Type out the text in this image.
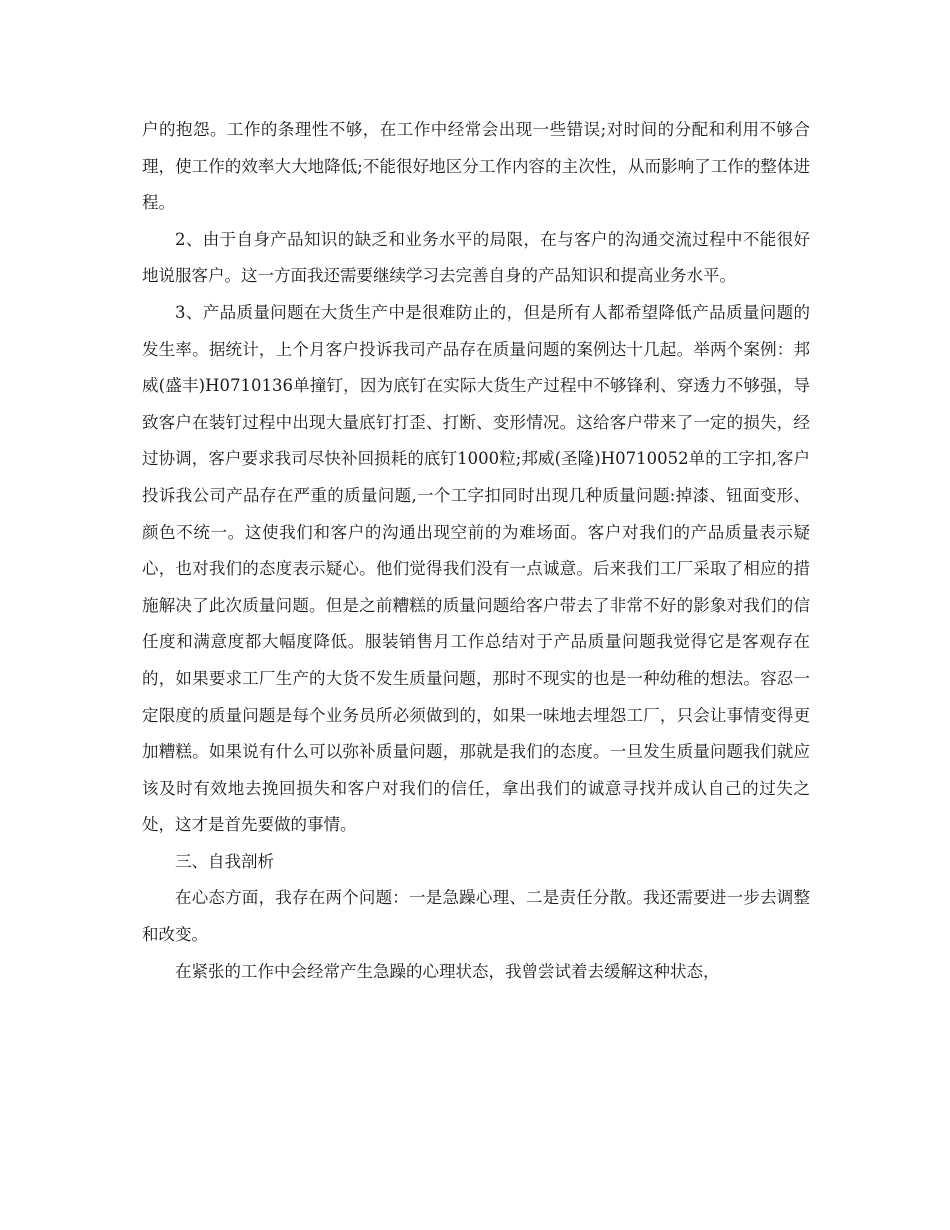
户的抱怨。工作的条理性不够，在工作中经常会出现一些错误;对时间的分配和利用不够合理，使工作的效率大大地降低;不能很好地区分工作内容的主次性，从而影响了工作的整体进程。

2、由于自身产品知识的缺乏和业务水平的局限，在与客户的沟通交流过程中不能很好地说服客户。这一方面我还需要继续学习去完善自身的产品知识和提高业务水平。

3、产品质量问题在大货生产中是很难防止的，但是所有人都希望降低产品质量问题的发生率。据统计，上个月客户投诉我司产品存在质量问题的案例达十几起。举两个案例：邦威(盛丰)H0710136单撞钉，因为底钉在实际大货生产过程中不够锋利、穿透力不够强，导致客户在装钉过程中出现大量底钉打歪、打断、变形情况。这给客户带来了一定的损失，经过协调，客户要求我司尽快补回损耗的底钉1000粒;邦威(圣隆)H0710052单的工字扣,客户投诉我公司产品存在严重的质量问题,一个工字扣同时出现几种质量问题:掉漆、钮面变形、颜色不统一。这使我们和客户的沟通出现空前的为难场面。客户对我们的产品质量表示疑心，也对我们的态度表示疑心。他们觉得我们没有一点诚意。后来我们工厂采取了相应的措施解决了此次质量问题。但是之前糟糕的质量问题给客户带去了非常不好的影象对我们的信任度和满意度都大幅度降低。服装销售月工作总结对于产品质量问题我觉得它是客观存在的，如果要求工厂生产的大货不发生质量问题，那时不现实的也是一种幼稚的想法。容忍一定限度的质量问题是每个业务员所必须做到的，如果一味地去埋怨工厂，只会让事情变得更加糟糕。如果说有什么可以弥补质量问题，那就是我们的态度。一旦发生质量问题我们就应该及时有效地去挽回损失和客户对我们的信任，拿出我们的诚意寻找并成认自己的过失之处，这才是首先要做的事情。

三、自我剖析

在心态方面，我存在两个问题：一是急躁心理、二是责任分散。我还需要进一步去调整和改变。

在紧张的工作中会经常产生急躁的心理状态，我曾尝试着去缓解这种状态，
